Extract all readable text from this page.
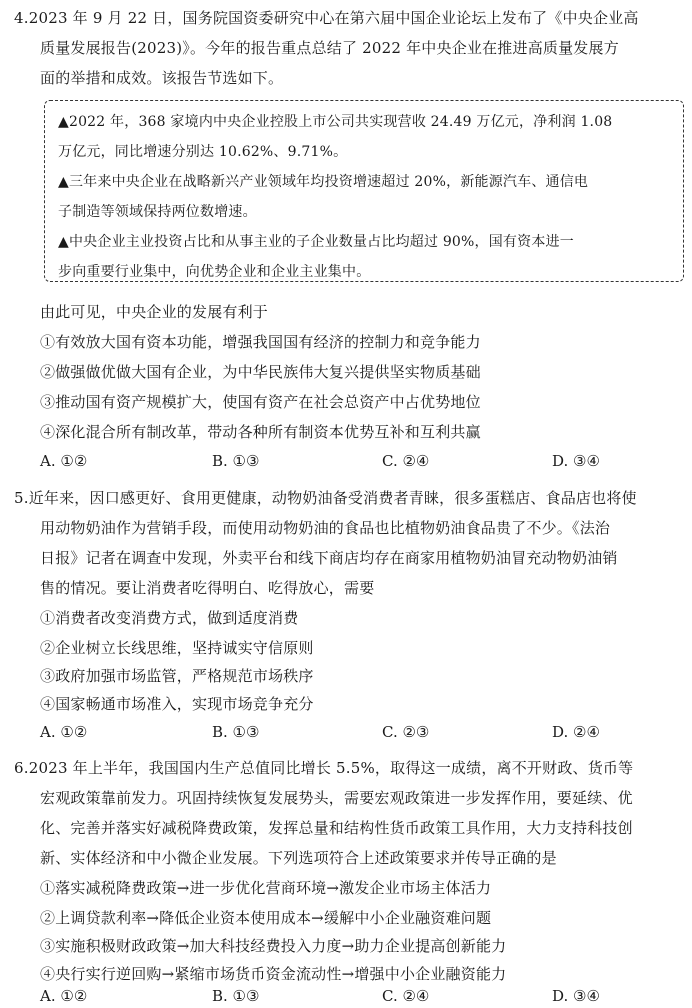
4.2023 年 9 月 22 日，国务院国资委研究中心在第六届中国企业论坛上发布了《中央企业高
质量发展报告(2023)》。今年的报告重点总结了 2022 年中央企业在推进高质量发展方
面的举措和成效。该报告节选如下。
▲2022 年，368 家境内中央企业控股上市公司共实现营收 24.49 万亿元，净利润 1.08
万亿元，同比增速分别达 10.62%、9.71%。
▲三年来中央企业在战略新兴产业领域年均投资增速超过 20%，新能源汽车、通信电
子制造等领域保持两位数增速。
▲中央企业主业投资占比和从事主业的子企业数量占比均超过 90%，国有资本进一
步向重要行业集中，向优势企业和企业主业集中。
由此可见，中央企业的发展有利于
①有效放大国有资本功能，增强我国国有经济的控制力和竞争能力
②做强做优做大国有企业，为中华民族伟大复兴提供坚实物质基础
③推动国有资产规模扩大，使国有资产在社会总资产中占优势地位
④深化混合所有制改革，带动各种所有制资本优势互补和互利共赢
A. ①②	B. ①③	C. ②④	D. ③④
5.近年来，因口感更好、食用更健康，动物奶油备受消费者青睐，很多蛋糕店、食品店也将使
用动物奶油作为营销手段，而使用动物奶油的食品也比植物奶油食品贵了不少。《法治
日报》记者在调查中发现，外卖平台和线下商店均存在商家用植物奶油冒充动物奶油销
售的情况。要让消费者吃得明白、吃得放心，需要
①消费者改变消费方式，做到适度消费
②企业树立长线思维，坚持诚实守信原则
③政府加强市场监管，严格规范市场秩序
④国家畅通市场准入，实现市场竞争充分
A. ①②	B. ①③	C. ②③	D. ②④
6.2023 年上半年，我国国内生产总值同比增长 5.5%，取得这一成绩，离不开财政、货币等
宏观政策靠前发力。巩固持续恢复发展势头，需要宏观政策进一步发挥作用，要延续、优
化、完善并落实好减税降费政策，发挥总量和结构性货币政策工具作用，大力支持科技创
新、实体经济和中小微企业发展。下列选项符合上述政策要求并传导正确的是
①落实减税降费政策→进一步优化营商环境→激发企业市场主体活力
②上调贷款利率→降低企业资本使用成本→缓解中小企业融资难问题
③实施积极财政政策→加大科技经费投入力度→助力企业提高创新能力
④央行实行逆回购→紧缩市场货币资金流动性→增强中小企业融资能力
A. ①②	B. ①③	C. ②④	D. ③④
